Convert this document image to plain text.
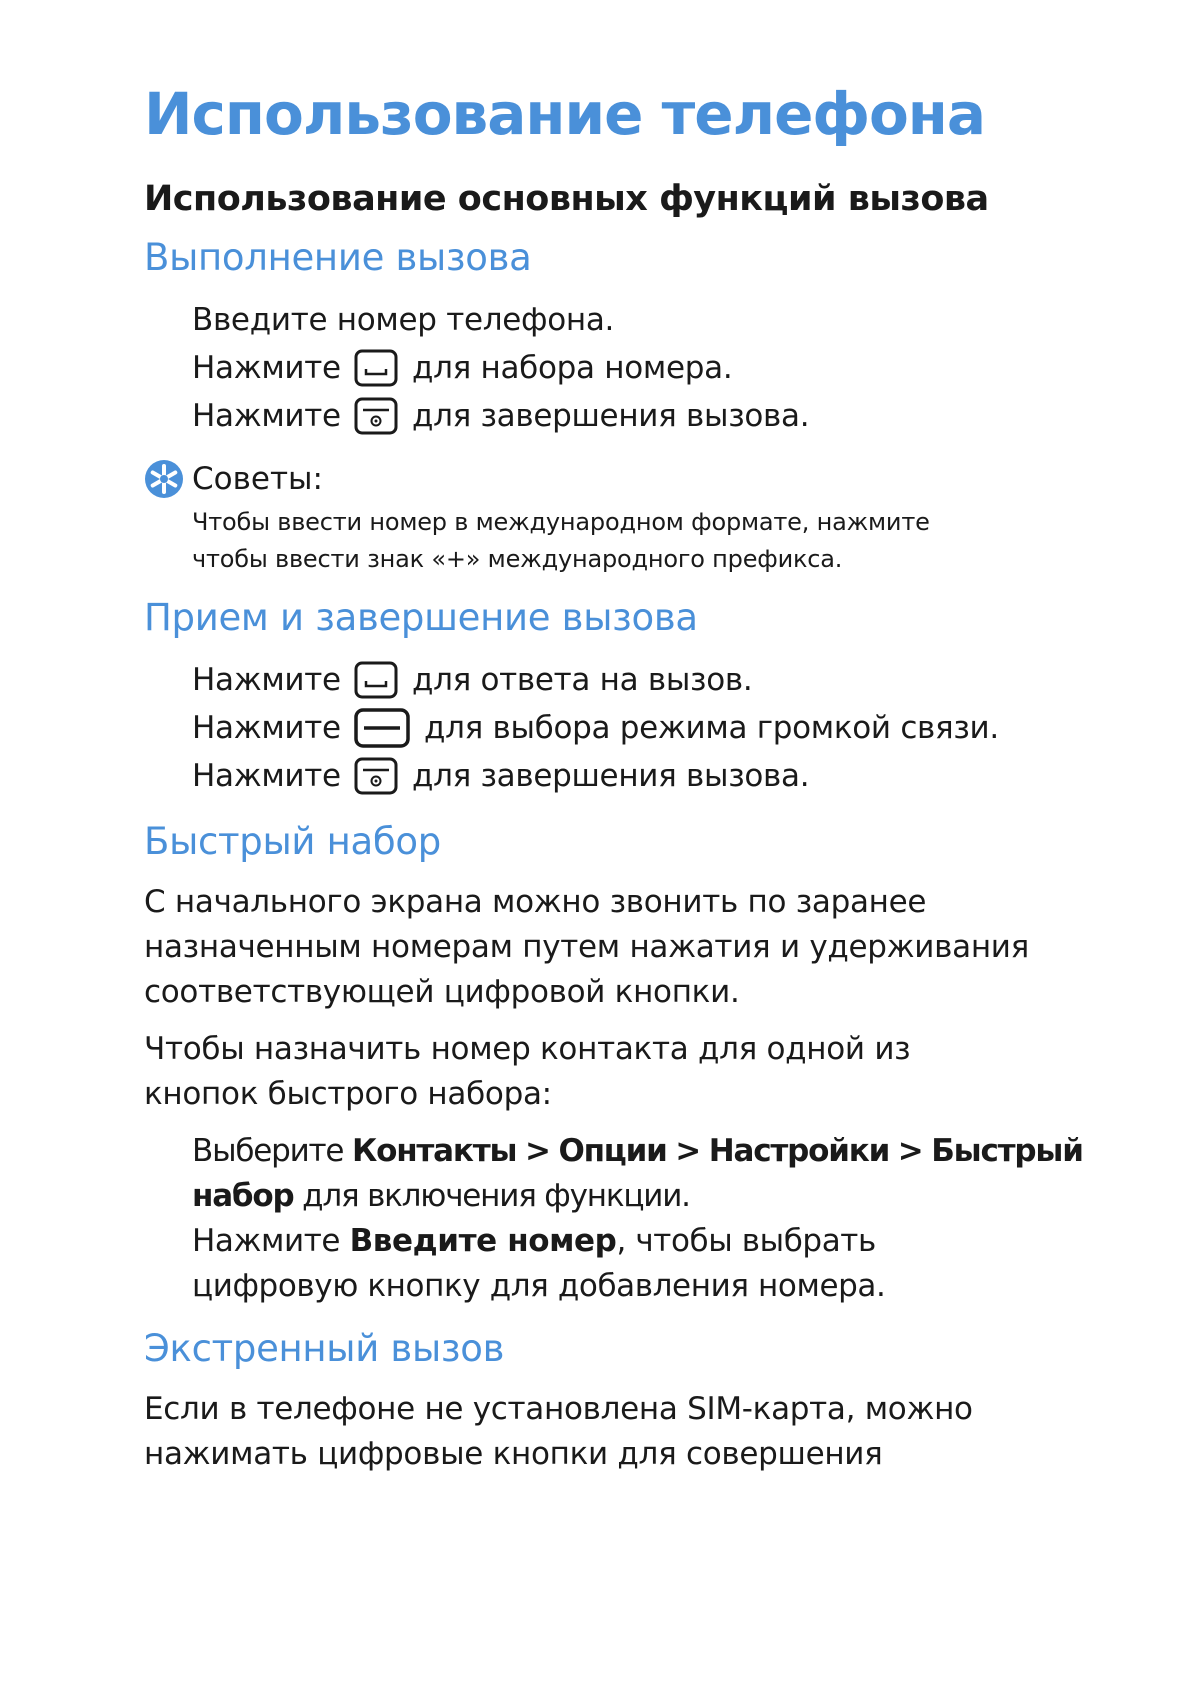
Использование телефона
Использование основных функций вызова
Выполнение вызова
Введите номер телефона.
Нажмите для набора номера.
Нажмите для завершения вызова.
Советы:
Чтобы ввести номер в международном формате, нажмите
чтобы ввести знак «+» международного префикса.
Прием и завершение вызова
Нажмите для ответа на вызов.
Нажмите	для выбора режима громкой связи.
Нажмите для завершения вызова.
Быстрый набор
С начального экрана можно звонить по заранее
назначенным номерам путем нажатия и удерживания
соответствующей цифровой кнопки.
Чтобы назначить номер контакта для одной из
кнопок быстрого набора:
Выберите Контакты > Опции > Настройки > Быстрый
набор для включения функции.
Нажмите Введите номер, чтобы выбрать
цифровую кнопку для добавления номера.
Экстренный вызов
Если в телефоне не установлена SIM-карта, можно
нажимать цифровые кнопки для совершения
